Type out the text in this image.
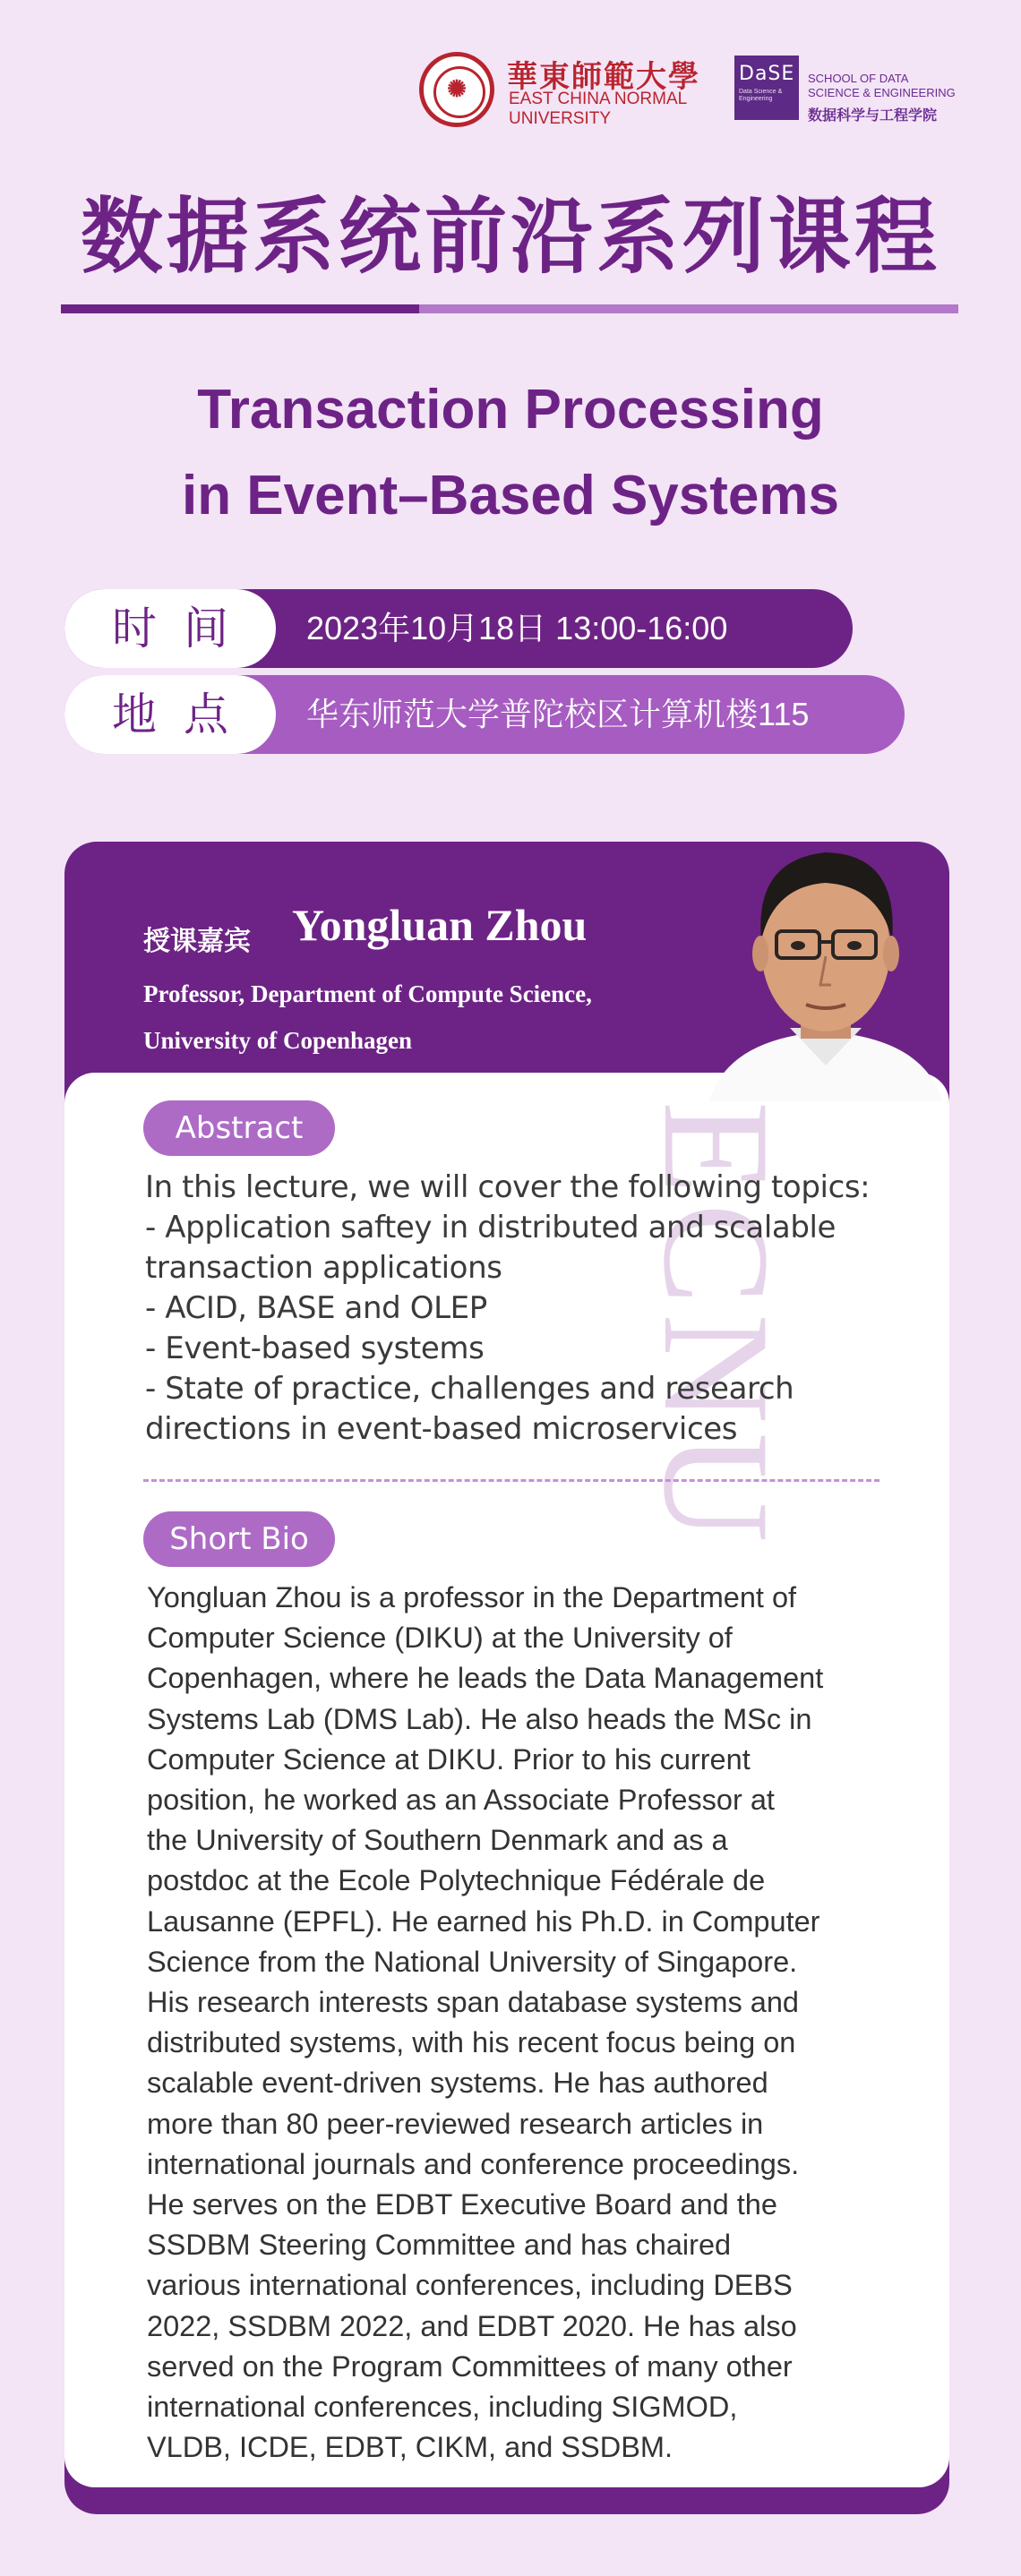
✺	華東師範大學
EAST CHINA NORMAL
UNIVERSITY
DaSE
Data Science & Engineering
SCHOOL OF DATA
SCIENCE & ENGINEERING
数据科学与工程学院
数据系统前沿系列课程
Transaction Processing
in Event–Based Systems
2023年10月18日 13:00-16:00
时间
华东师范大学普陀校区计算机楼115
地点
授课嘉宾 Yongluan Zhou
Professor, Department of Compute Science,
University of Copenhagen
ECNU
Abstract
In this lecture, we will cover the following topics:
- Application saftey in distributed and scalable
transaction applications
- ACID, BASE and OLEP
- Event-based systems
- State of practice, challenges and research
directions in event-based microservices
Short Bio
Yongluan Zhou is a professor in the Department of
Computer Science (DIKU) at the University of
Copenhagen, where he leads the Data Management
Systems Lab (DMS Lab). He also heads the MSc in
Computer Science at DIKU. Prior to his current
position, he worked as an Associate Professor at
the University of Southern Denmark and as a
postdoc at the Ecole Polytechnique Fédérale de
Lausanne (EPFL). He earned his Ph.D. in Computer
Science from the National University of Singapore.
His research interests span database systems and
distributed systems, with his recent focus being on
scalable event-driven systems. He has authored
more than 80 peer-reviewed research articles in
international journals and conference proceedings.
He serves on the EDBT Executive Board and the
SSDBM Steering Committee and has chaired
various international conferences, including DEBS
2022, SSDBM 2022, and EDBT 2020. He has also
served on the Program Committees of many other
international conferences, including SIGMOD,
VLDB, ICDE, EDBT, CIKM, and SSDBM.
